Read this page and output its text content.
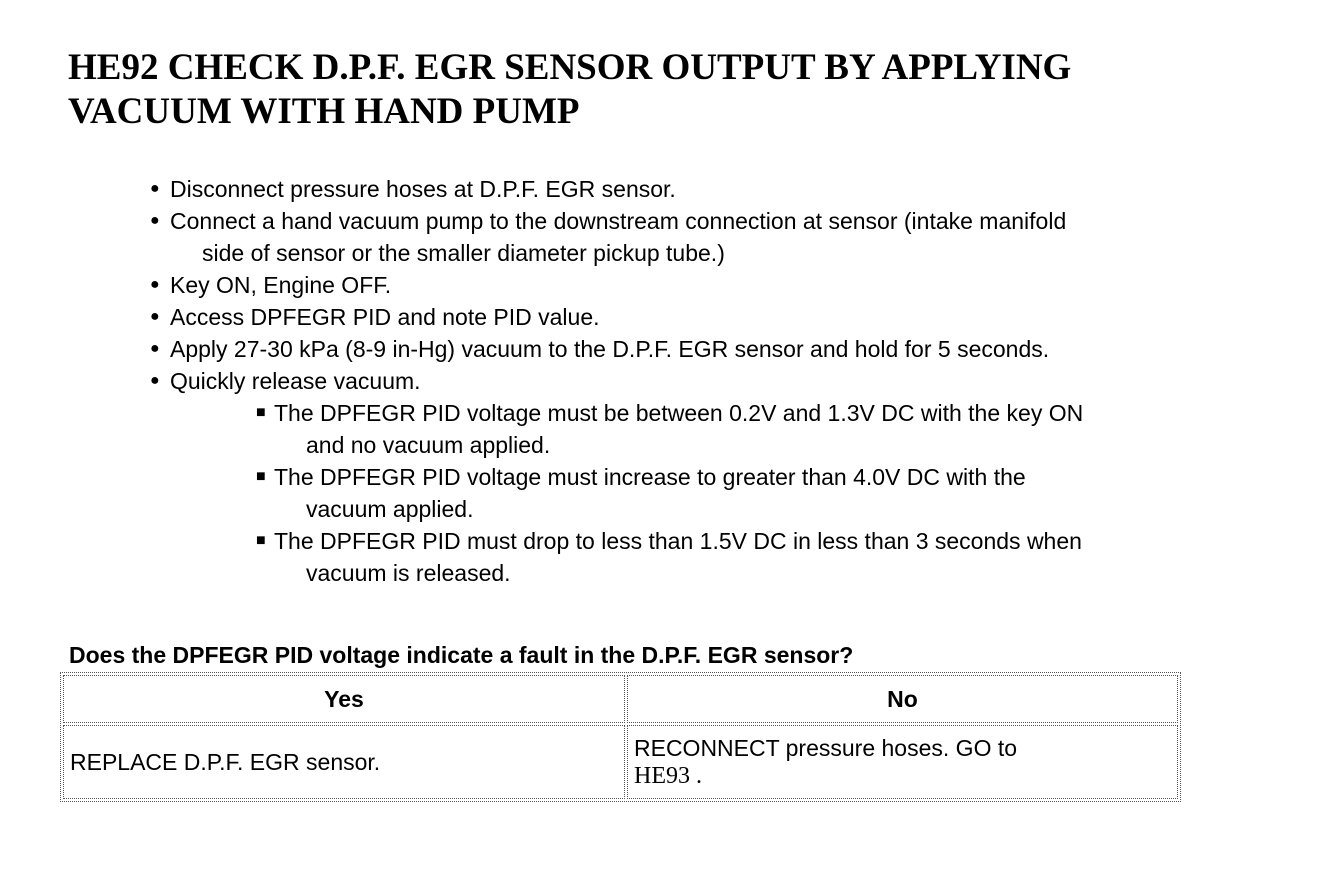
HE92 CHECK D.P.F. EGR SENSOR OUTPUT BY APPLYING
VACUUM WITH HAND PUMP
● Disconnect pressure hoses at D.P.F. EGR sensor.
● Connect a hand vacuum pump to the downstream connection at sensor (intake manifold
side of sensor or the smaller diameter pickup tube.)
● Key ON, Engine OFF.
● Access DPFEGR PID and note PID value.
● Apply 27-30 kPa (8-9 in-Hg) vacuum to the D.P.F. EGR sensor and hold for 5 seconds.
● Quickly release vacuum.
■ The DPFEGR PID voltage must be between 0.2V and 1.3V DC with the key ON
and no vacuum applied.
■ The DPFEGR PID voltage must increase to greater than 4.0V DC with the
vacuum applied.
■ The DPFEGR PID must drop to less than 1.5V DC in less than 3 seconds when
vacuum is released.

Does the DPFEGR PID voltage indicate a fault in the D.P.F. EGR sensor?

Yes	No
REPLACE D.P.F. EGR sensor.	RECONNECT pressure hoses. GO to
HE93 .
